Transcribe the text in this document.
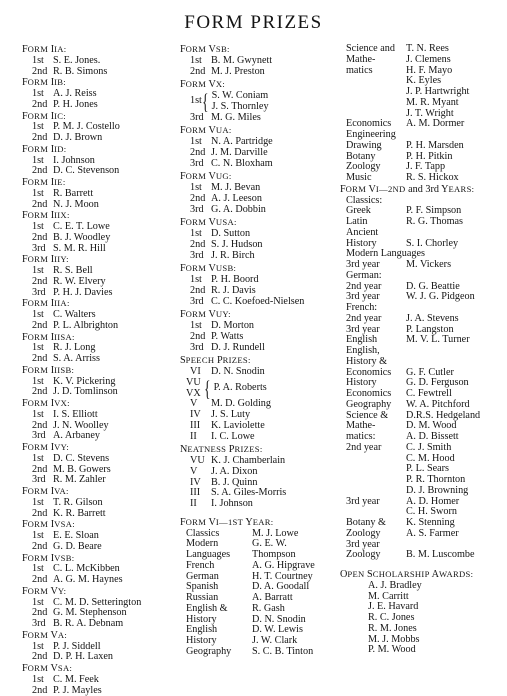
FORM PRIZES
FORM IIA:
1st S. E. Jones.
2nd R. B. Simons
FORM IIB:
1st A. J. Reiss
2nd P. H. Jones
FORM IIC:
1st P. M. J. Costello
2nd D. J. Brown
FORM IID:
1st I. Johnson
2nd D. C. Stevenson
FORM IIE:
1st R. Barrett
2nd N. J. Moon
FORM IIIX:
1st C. E. T. Lowe
2nd B. J. Woodley
3rd S. M. R. Hill
FORM IIIY:
1st R. S. Bell
2nd R. W. Elvery
3rd P. H. J. Davies
FORM IIIA:
1st C. Walters
2nd P. L. Albrighton
FORM IIISA:
1st R. J. Long
2nd S. A. Arriss
FORM IIISB:
1st K. V. Pickering
2nd J. D. Tomlinson
FORM IVX:
1st I. S. Elliott
2nd J. N. Woolley
3rd A. Arbaney
FORM IVY:
1st D. C. Stevens
2nd M. B. Gowers
3rd R. M. Zahler
FORM IVA:
1st T. R. Gilson
2nd K. R. Barrett
FORM IVSA:
1st E. E. Sloan
2nd G. D. Beare
FORM IVSB:
1st C. L. McKibben
2nd A. G. M. Haynes
FORM VY:
1st C. M. D. Setterington
2nd G. M. Stephenson
3rd B. R. A. Debnam
FORM VA:
1st P. J. Siddell
2nd D. P. H. Laxen
FORM VSA:
1st C. M. Feek
2nd P. J. Mayles
FORM VSB:
1st B. M. Gwynett
2nd M. J. Preston
FORM VX:
1st { S. W. Coniam
J. S. Thornley
3rd M. G. Miles
FORM VUA:
1st N. A. Partridge
2nd J. M. Darville
3rd C. N. Bloxham
FORM VUG:
1st M. J. Bevan
2nd A. J. Leeson
3rd G. A. Dobbin
FORM VUSA:
1st D. Sutton
2nd S. J. Hudson
3rd J. R. Birch
FORM VUSB:
1st P. H. Boord
2nd R. J. Davis
3rd C. C. Koefoed-Nielsen
FORM VUY:
1st D. Morton
2nd P. Watts
3rd D. J. Rundell
SPEECH PRIZES:
VI	D. N. Snodin
VU
VX { P. A. Roberts
V	M. D. Golding
IV	J. S. Luty
III	K. Laviolette
II	I. C. Lowe
NEATNESS PRIZES:
VU K. J. Chamberlain
V	J. A. Dixon
IV	B. J. Quinn
III	S. A. Giles-Morris
II	I. Johnson
FORM VI—1ST YEAR:
Classics	M. J. Lowe
Modern	G. E. W.
Languages	Thompson
French	A. G. Hipgrave
German	H. T. Courtney
Spanish	D. A. Goodall
Russian	A. Barratt
English &	R. Gash
History	D. N. Snodin
English	D. W. Lewis
History	J. W. Clark
Geography	S. C. B. Tinton
Science and	T. N. Rees
Mathe-	J. Clemens
matics	H. F. Mayo
K. Eyles
J. P. Hartwright
M. R. Myant
J. T. Wright
Economics	A. M. Dormer
Engineering
Drawing	P. H. Marsden
Botany	P. H. Pitkin
Zoology	J. F. Tapp
Music	R. S. Hickox
FORM VI—2ND and 3rd YEARS:
Classics:
Greek	P. F. Simpson
Latin	R. G. Thomas
Ancient
History	S. I. Chorley
Modern Languages
3rd year	M. Vickers
German:
2nd year	D. G. Beattie
3rd year	W. J. G. Pidgeon
French:
2nd year	J. A. Stevens
3rd year	P. Langston
English	M. V. L. Turner
English,
History &
Economics	G. F. Cutler
History	G. D. Ferguson
Economics	C. Fewtrell
Geography	W. A. Pitchford
Science &	D.R.S. Hedgeland
Mathe-	D. M. Wood
matics:	A. D. Bissett
2nd year	C. J. Smith
C. M. Hood
P. L. Sears
P. R. Thornton
D. J. Browning
3rd year	A. D. Homer
C. H. Sworn
Botany &	K. Stenning
Zoology	A. S. Farmer
3rd year
Zoology	B. M. Luscombe
OPEN SCHOLARSHIP AWARDS:
A. J. Bradley
M. Carritt
J. E. Havard
R. C. Jones
R. M. Jones
M. J. Mobbs
P. M. Wood
